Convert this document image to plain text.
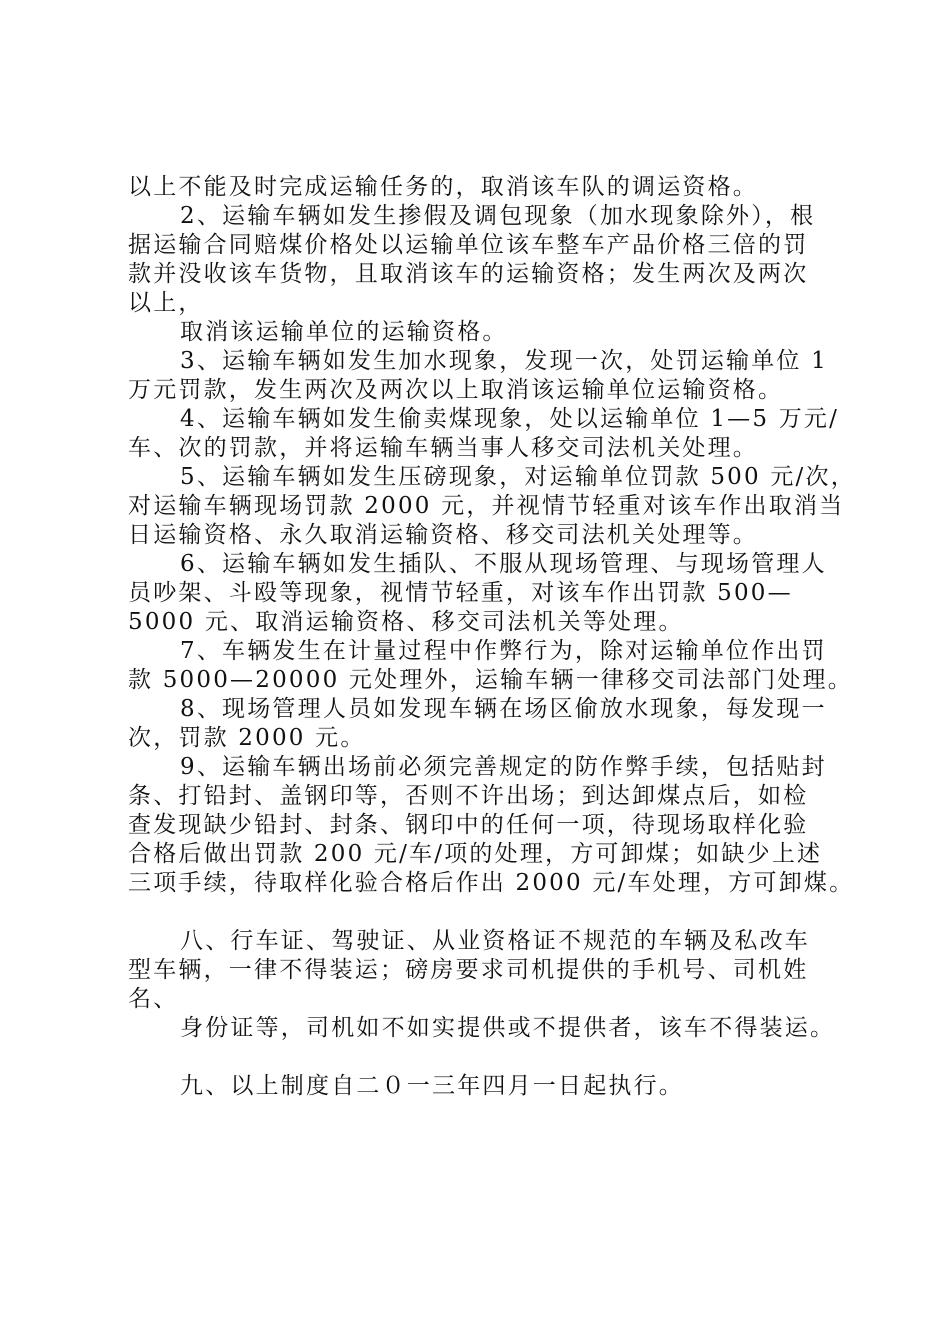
以上不能及时完成运输任务的，取消该车队的调运资格。
2、运输车辆如发生掺假及调包现象（加水现象除外），根
据运输合同赔煤价格处以运输单位该车整车产品价格三倍的罚
款并没收该车货物，且取消该车的运输资格；发生两次及两次
以上，
取消该运输单位的运输资格。
3、运输车辆如发生加水现象，发现一次，处罚运输单位 1
万元罚款，发生两次及两次以上取消该运输单位运输资格。
4、运输车辆如发生偷卖煤现象，处以运输单位 1—5 万元/
车、次的罚款，并将运输车辆当事人移交司法机关处理。
5、运输车辆如发生压磅现象，对运输单位罚款 500 元/次，
对运输车辆现场罚款 2000 元，并视情节轻重对该车作出取消当
日运输资格、永久取消运输资格、移交司法机关处理等。
6、运输车辆如发生插队、不服从现场管理、与现场管理人
员吵架、斗殴等现象，视情节轻重，对该车作出罚款 500—
5000 元、取消运输资格、移交司法机关等处理。
7、车辆发生在计量过程中作弊行为，除对运输单位作出罚
款 5000—20000 元处理外，运输车辆一律移交司法部门处理。
8、现场管理人员如发现车辆在场区偷放水现象，每发现一
次，罚款 2000 元。
9、运输车辆出场前必须完善规定的防作弊手续，包括贴封
条、打铅封、盖钢印等，否则不许出场；到达卸煤点后，如检
查发现缺少铅封、封条、钢印中的任何一项，待现场取样化验
合格后做出罚款 200 元/车/项的处理，方可卸煤；如缺少上述
三项手续，待取样化验合格后作出 2000 元/车处理，方可卸煤。
八、行车证、驾驶证、从业资格证不规范的车辆及私改车
型车辆，一律不得装运；磅房要求司机提供的手机号、司机姓
名、
身份证等，司机如不如实提供或不提供者，该车不得装运。
九、以上制度自二０一三年四月一日起执行。
